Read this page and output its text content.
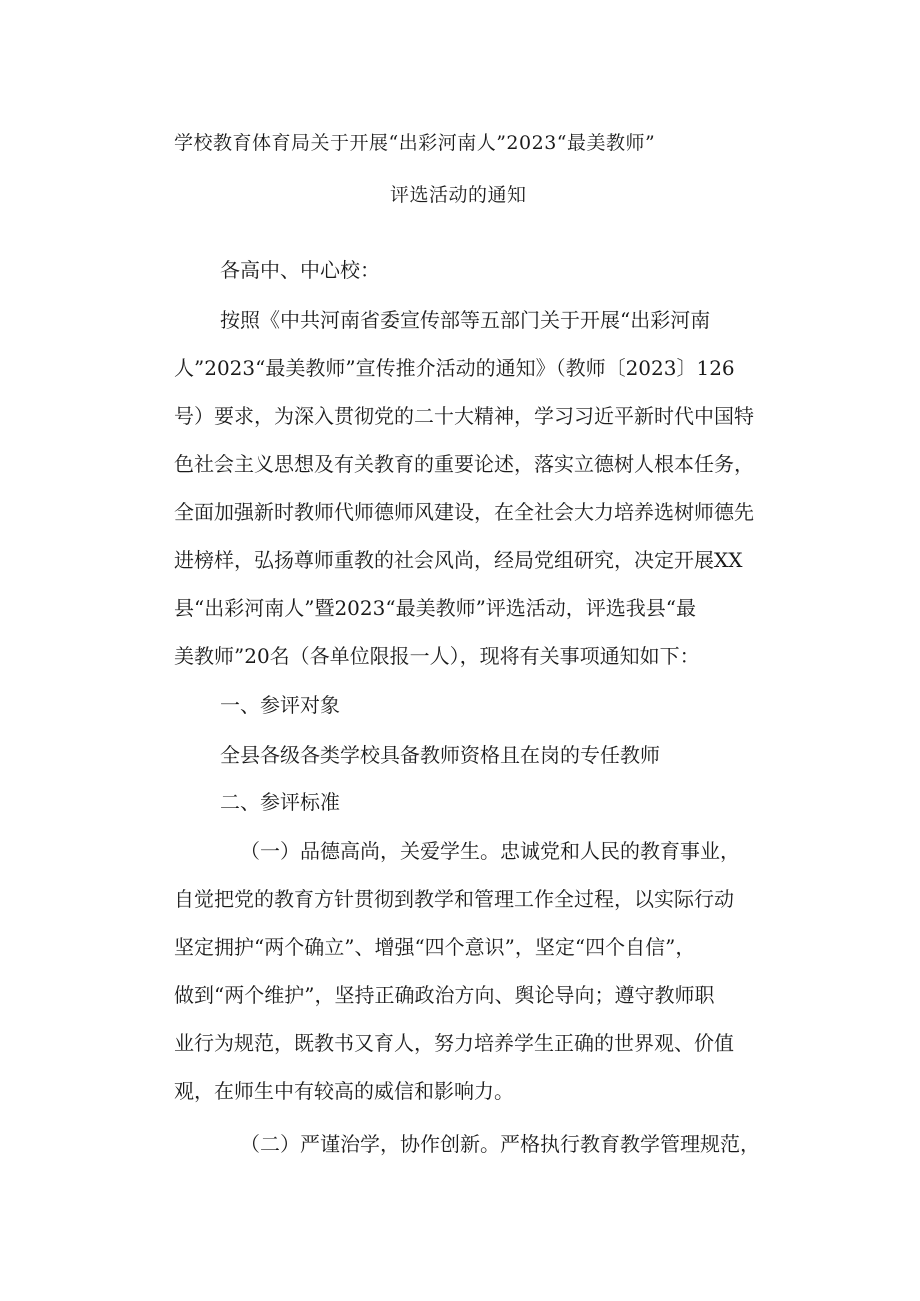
学校教育体育局关于开展“出彩河南人”2023“最美教师”
评选活动的通知
各高中、中心校：
按照《中共河南省委宣传部等五部门关于开展“出彩河南
人”2023“最美教师”宣传推介活动的通知》（教师〔2023〕126
号）要求，为深入贯彻党的二十大精神，学习习近平新时代中国特
色社会主义思想及有关教育的重要论述，落实立德树人根本任务，
全面加强新时教师代师德师风建设，在全社会大力培养选树师德先
进榜样，弘扬尊师重教的社会风尚，经局党组研究，决定开展XX
县“出彩河南人”暨2023“最美教师”评选活动，评选我县“最
美教师”20名（各单位限报一人），现将有关事项通知如下：
一、参评对象
全县各级各类学校具备教师资格且在岗的专任教师
二、参评标准
（一）品德高尚，关爱学生。忠诚党和人民的教育事业，
自觉把党的教育方针贯彻到教学和管理工作全过程，以实际行动
坚定拥护“两个确立”、增强“四个意识”，坚定“四个自信”，
做到“两个维护”，坚持正确政治方向、舆论导向；遵守教师职
业行为规范，既教书又育人，努力培养学生正确的世界观、价值
观，在师生中有较高的威信和影响力。
（二）严谨治学，协作创新。严格执行教育教学管理规范，
